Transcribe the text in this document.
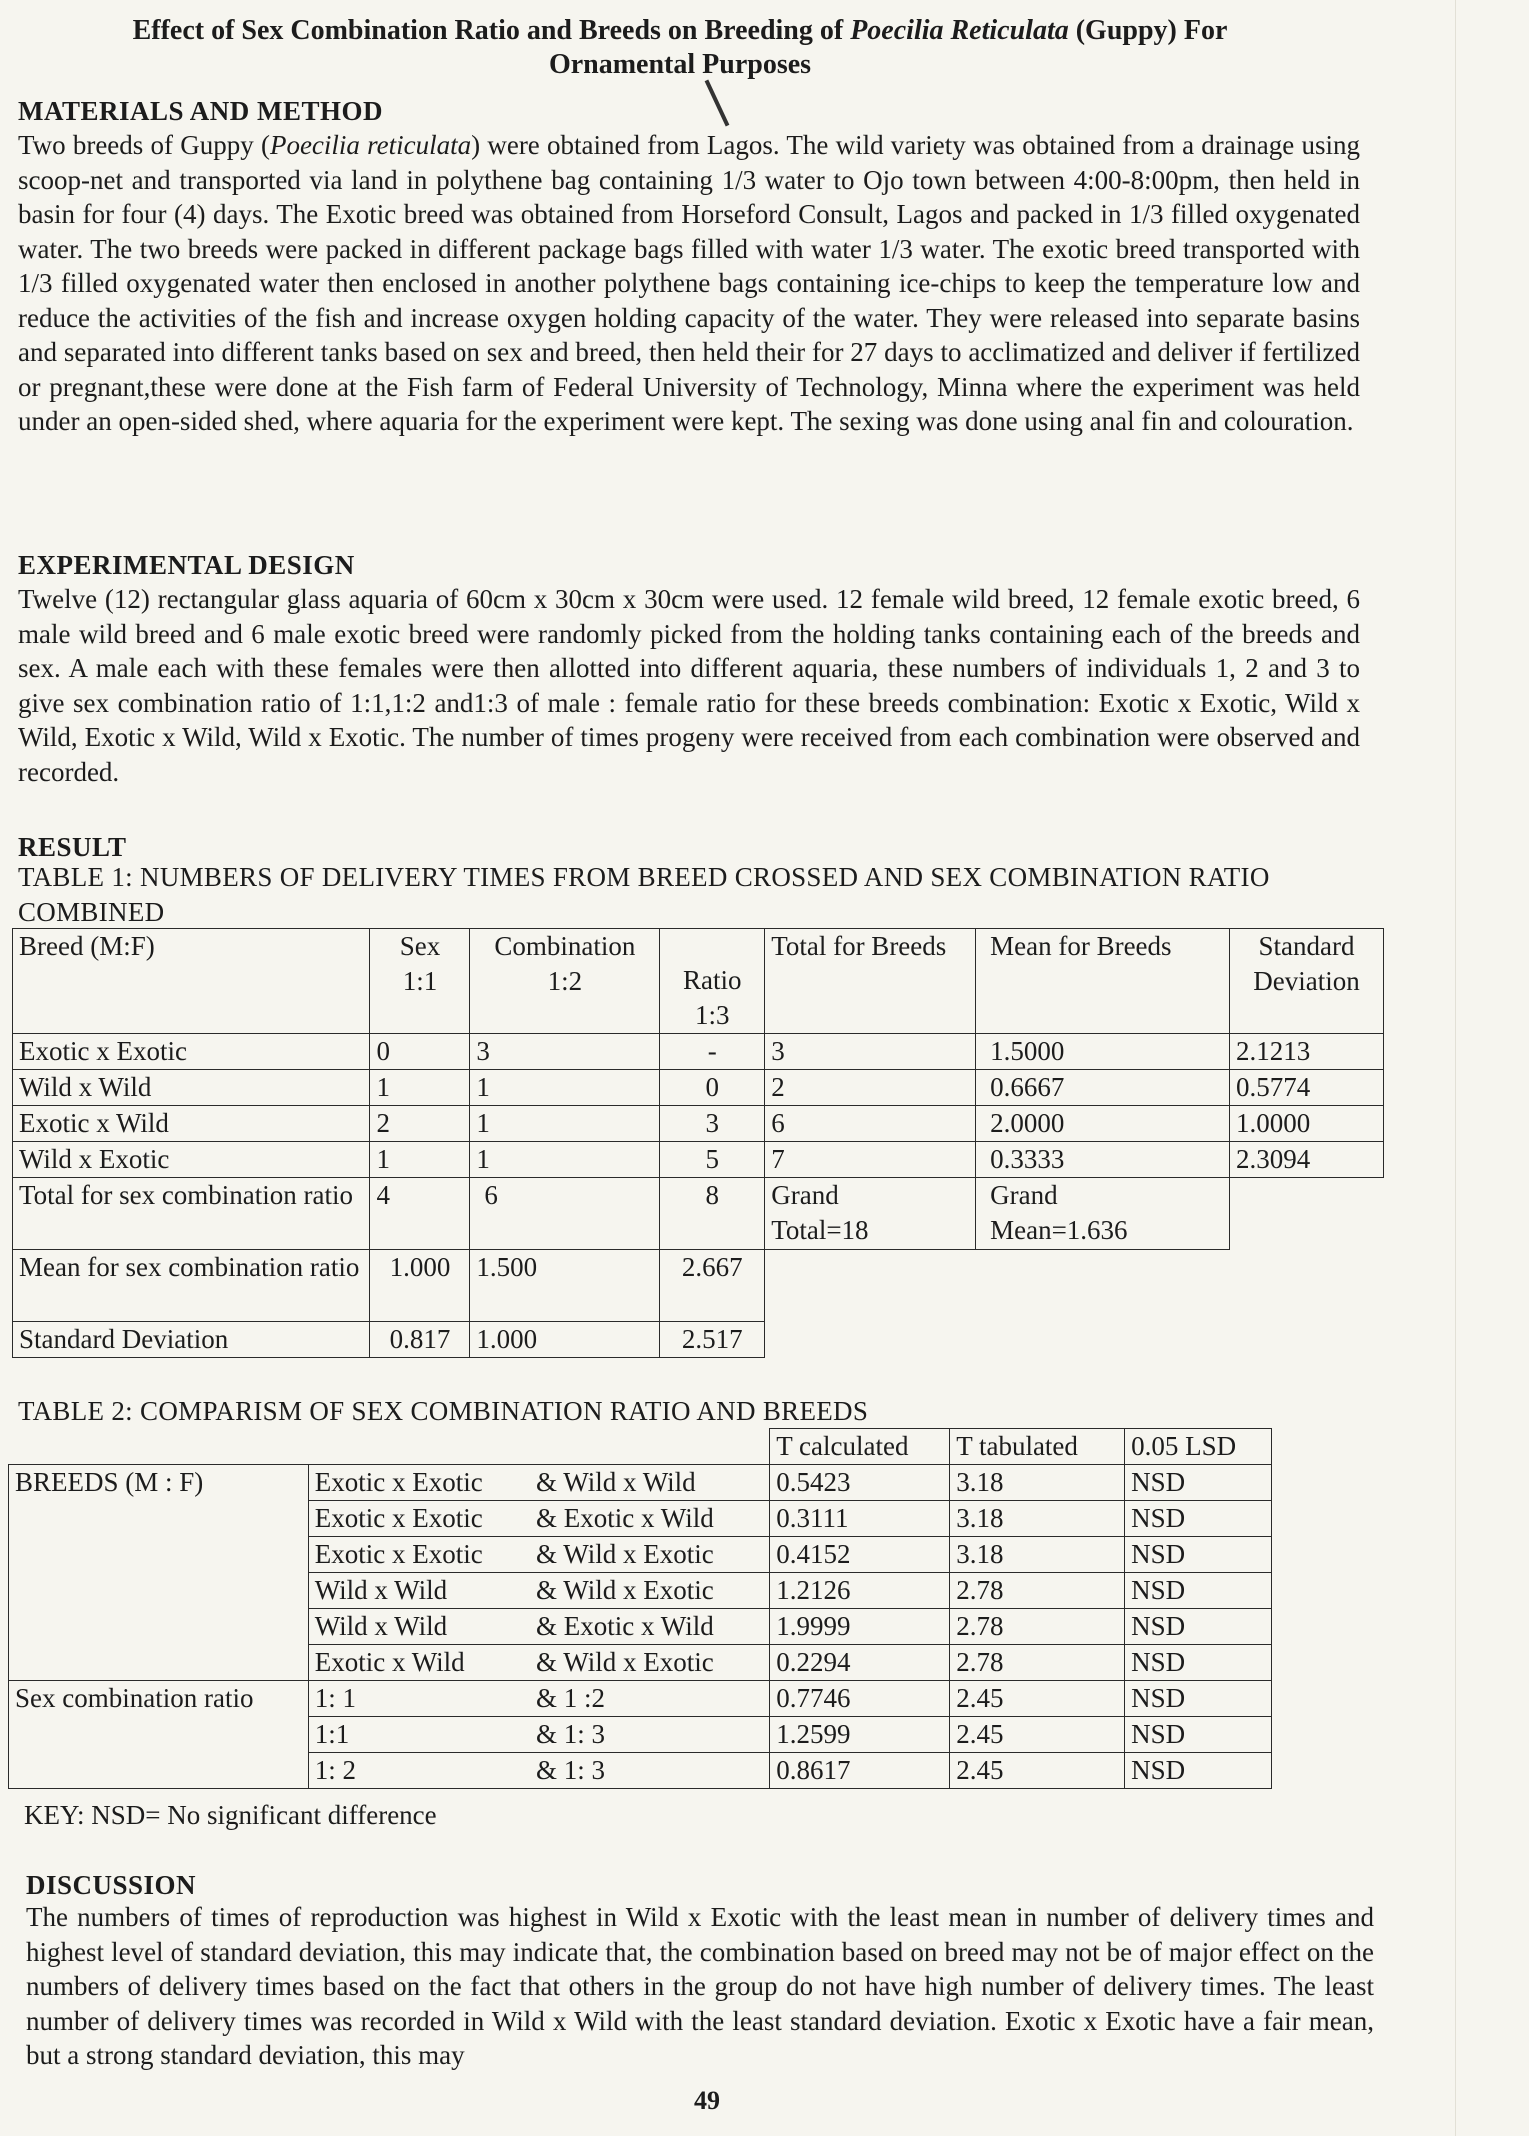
Effect of Sex Combination Ratio and Breeds on Breeding of Poecilia Reticulata (Guppy) For
Ornamental Purposes
MATERIALS AND METHOD
Two breeds of Guppy (Poecilia reticulata) were obtained from Lagos. The wild variety was obtained from a drainage using scoop-net and transported via land in polythene bag containing 1/3 water to Ojo town between 4:00-8:00pm, then held in basin for four (4) days. The Exotic breed was obtained from Horseford Consult, Lagos and packed in 1/3 filled oxygenated water. The two breeds were packed in different package bags filled with water 1/3 water. The exotic breed transported with 1/3 filled oxygenated water then enclosed in another polythene bags containing ice-chips to keep the temperature low and reduce the activities of the fish and increase oxygen holding capacity of the water. They were released into separate basins and separated into different tanks based on sex and breed, then held their for 27 days to acclimatized and deliver if fertilized or pregnant,these were done at the Fish farm of Federal University of Technology, Minna where the experiment was held under an open-sided shed, where aquaria for the experiment were kept. The sexing was done using anal fin and colouration.
EXPERIMENTAL DESIGN
Twelve (12) rectangular glass aquaria of 60cm x 30cm x 30cm were used. 12 female wild breed, 12 female exotic breed, 6 male wild breed and 6 male exotic breed were randomly picked from the holding tanks containing each of the breeds and sex. A male each with these females were then allotted into different aquaria, these numbers of individuals 1, 2 and 3 to give sex combination ratio of 1:1,1:2 and1:3 of male : female ratio for these breeds combination: Exotic x Exotic, Wild x Wild, Exotic x Wild, Wild x Exotic. The number of times progeny were received from each combination were observed and recorded.
RESULT
TABLE 1: NUMBERS OF DELIVERY TIMES FROM BREED CROSSED AND SEX COMBINATION RATIO COMBINED
Breed (M:F)	Sex 1:1	Combination 1:2	Ratio 1:3	Total for Breeds	Mean for Breeds	Standard Deviation
Exotic x Exotic	0	3	-	3	1.5000	2.1213
Wild x Wild	1	1	0	2	0.6667	0.5774
Exotic x Wild	2	1	3	6	2.0000	1.0000
Wild x Exotic	1	1	5	7	0.3333	2.3094
Total for sex combination ratio	4	6	8	Grand Total=18	Grand Mean=1.636	
Mean for sex combination ratio	1.000	1.500	2.667			
Standard Deviation	0.817	1.000	2.517			
TABLE 2: COMPARISM OF SEX COMBINATION RATIO AND BREEDS
			T calculated	T tabulated	0.05 LSD
BREEDS (M : F)	Exotic x Exotic	& Wild x Wild	0.5423	3.18	NSD
	Exotic x Exotic	& Exotic x Wild	0.3111	3.18	NSD
	Exotic x Exotic	& Wild x Exotic	0.4152	3.18	NSD
	Wild x Wild	& Wild x Exotic	1.2126	2.78	NSD
	Wild x Wild	& Exotic x Wild	1.9999	2.78	NSD
	Exotic x Wild	& Wild x Exotic	0.2294	2.78	NSD
Sex combination ratio	1: 1	& 1 :2	0.7746	2.45	NSD
	1:1	& 1: 3	1.2599	2.45	NSD
	1: 2	& 1: 3	0.8617	2.45	NSD
KEY: NSD= No significant difference
DISCUSSION
The numbers of times of reproduction was highest in Wild x Exotic with the least mean in number of delivery times and highest level of standard deviation, this may indicate that, the combination based on breed may not be of major effect on the numbers of delivery times based on the fact that others in the group do not have high number of delivery times. The least number of delivery times was recorded in Wild x Wild with the least standard deviation. Exotic x Exotic have a fair mean, but a strong standard deviation, this may
49
